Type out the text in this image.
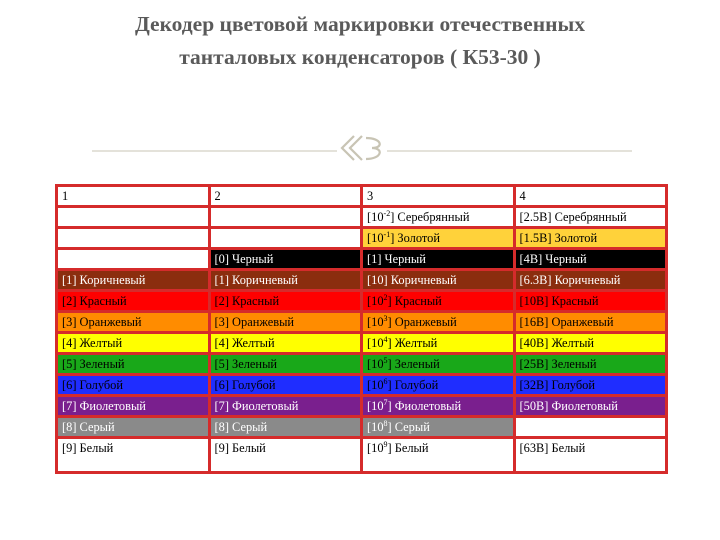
Декодер цветовой маркировки отечественных
танталовых конденсаторов ( К53-30 )
1	2	3	4
		$[10^{-2}]$ Серебрянный	[2.5В] Серебрянный
		$[10^{-1}]$ Золотой	[1.5В] Золотой
	[0] Черный	[1] Черный	[4В] Черный
[1] Коричневый	[1] Коричневый	[10] Коричневый	[6.3В] Коричневый
[2] Красный	[2] Красный	$[10^2]$ Красный	[10В] Красный
[3] Оранжевый	[3] Оранжевый	$[10^3]$ Оранжевый	[16В] Оранжевый
[4] Желтый	[4] Желтый	$[10^4]$ Желтый	[40В] Желтый
[5] Зеленый	[5] Зеленый	$[10^5]$ Зеленый	[25В] Зеленый
[6] Голубой	[6] Голубой	$[10^6]$ Голубой	[32В] Голубой
[7] Фиолетовый	[7] Фиолетовый	$[10^7]$ Фиолетовый	[50В] Фиолетовый
[8] Серый	[8] Серый	$[10^8]$ Серый	
[9] Белый	[9] Белый	$[10^9]$ Белый	[63В] Белый
